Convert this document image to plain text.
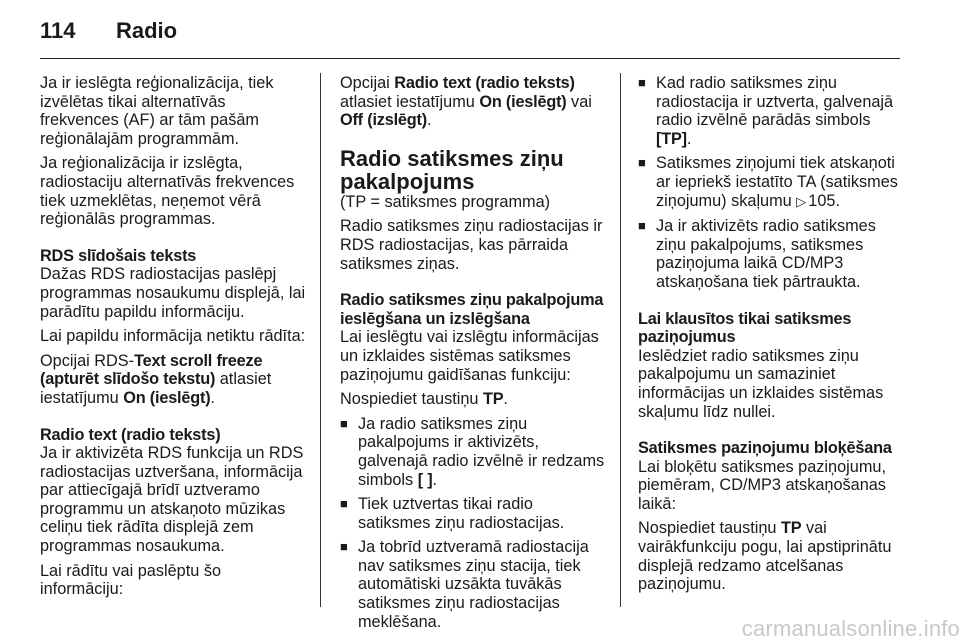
114	Radio

Ja ir ieslēgta reģionalizācija, tiek izvēlētas tikai alternatīvās frekvences (AF) ar tām pašām reģionālajām programmām.

Ja reģionalizācija ir izslēgta, radiostaciju alternatīvās frekvences tiek uzmeklētas, neņemot vērā reģionālās programmas.

RDS slīdošais teksts

Dažas RDS radiostacijas paslēpj programmas nosaukumu displejā, lai parādītu papildu informāciju.

Lai papildu informācija netiktu rādīta:

Opcijai RDS-Text scroll freeze (apturēt slīdošo tekstu) atlasiet iestatījumu On (ieslēgt).

Radio text (radio teksts)

Ja ir aktivizēta RDS funkcija un RDS radiostacijas uztveršana, informācija par attiecīgajā brīdī uztveramo programmu un atskaņoto mūzikas celiņu tiek rādīta displejā zem programmas nosaukuma.

Lai rādītu vai paslēptu šo informāciju:

Opcijai Radio text (radio teksts) atlasiet iestatījumu On (ieslēgt) vai Off (izslēgt).

Radio satiksmes ziņu pakalpojums

(TP = satiksmes programma)

Radio satiksmes ziņu radiostacijas ir RDS radiostacijas, kas pārraida satiksmes ziņas.

Radio satiksmes ziņu pakalpojuma ieslēgšana un izslēgšana

Lai ieslēgtu vai izslēgtu informācijas un izklaides sistēmas satiksmes paziņojumu gaidīšanas funkciju:

Nospiediet taustiņu TP.

■ Ja radio satiksmes ziņu pakalpojums ir aktivizēts, galvenajā radio izvēlnē ir redzams simbols [ ].
■ Tiek uztvertas tikai radio satiksmes ziņu radiostacijas.
■ Ja tobrīd uztveramā radiostacija nav satiksmes ziņu stacija, tiek automātiski uzsākta tuvākās satiksmes ziņu radiostacijas meklēšana.
■ Kad radio satiksmes ziņu radiostacija ir uztverta, galvenajā radio izvēlnē parādās simbols [TP].
■ Satiksmes ziņojumi tiek atskaņoti ar iepriekš iestatīto TA (satiksmes ziņojumu) skaļumu ▷ 105.
■ Ja ir aktivizēts radio satiksmes ziņu pakalpojums, satiksmes paziņojuma laikā CD/MP3 atskaņošana tiek pārtraukta.

Lai klausītos tikai satiksmes paziņojumus

Ieslēdziet radio satiksmes ziņu pakalpojumu un samaziniet informācijas un izklaides sistēmas skaļumu līdz nullei.

Satiksmes paziņojumu bloķēšana

Lai bloķētu satiksmes paziņojumu, piemēram, CD/MP3 atskaņošanas laikā:

Nospiediet taustiņu TP vai vairākfunkciju pogu, lai apstiprinātu displejā redzamo atcelšanas paziņojumu.

carmanualsonline.info
